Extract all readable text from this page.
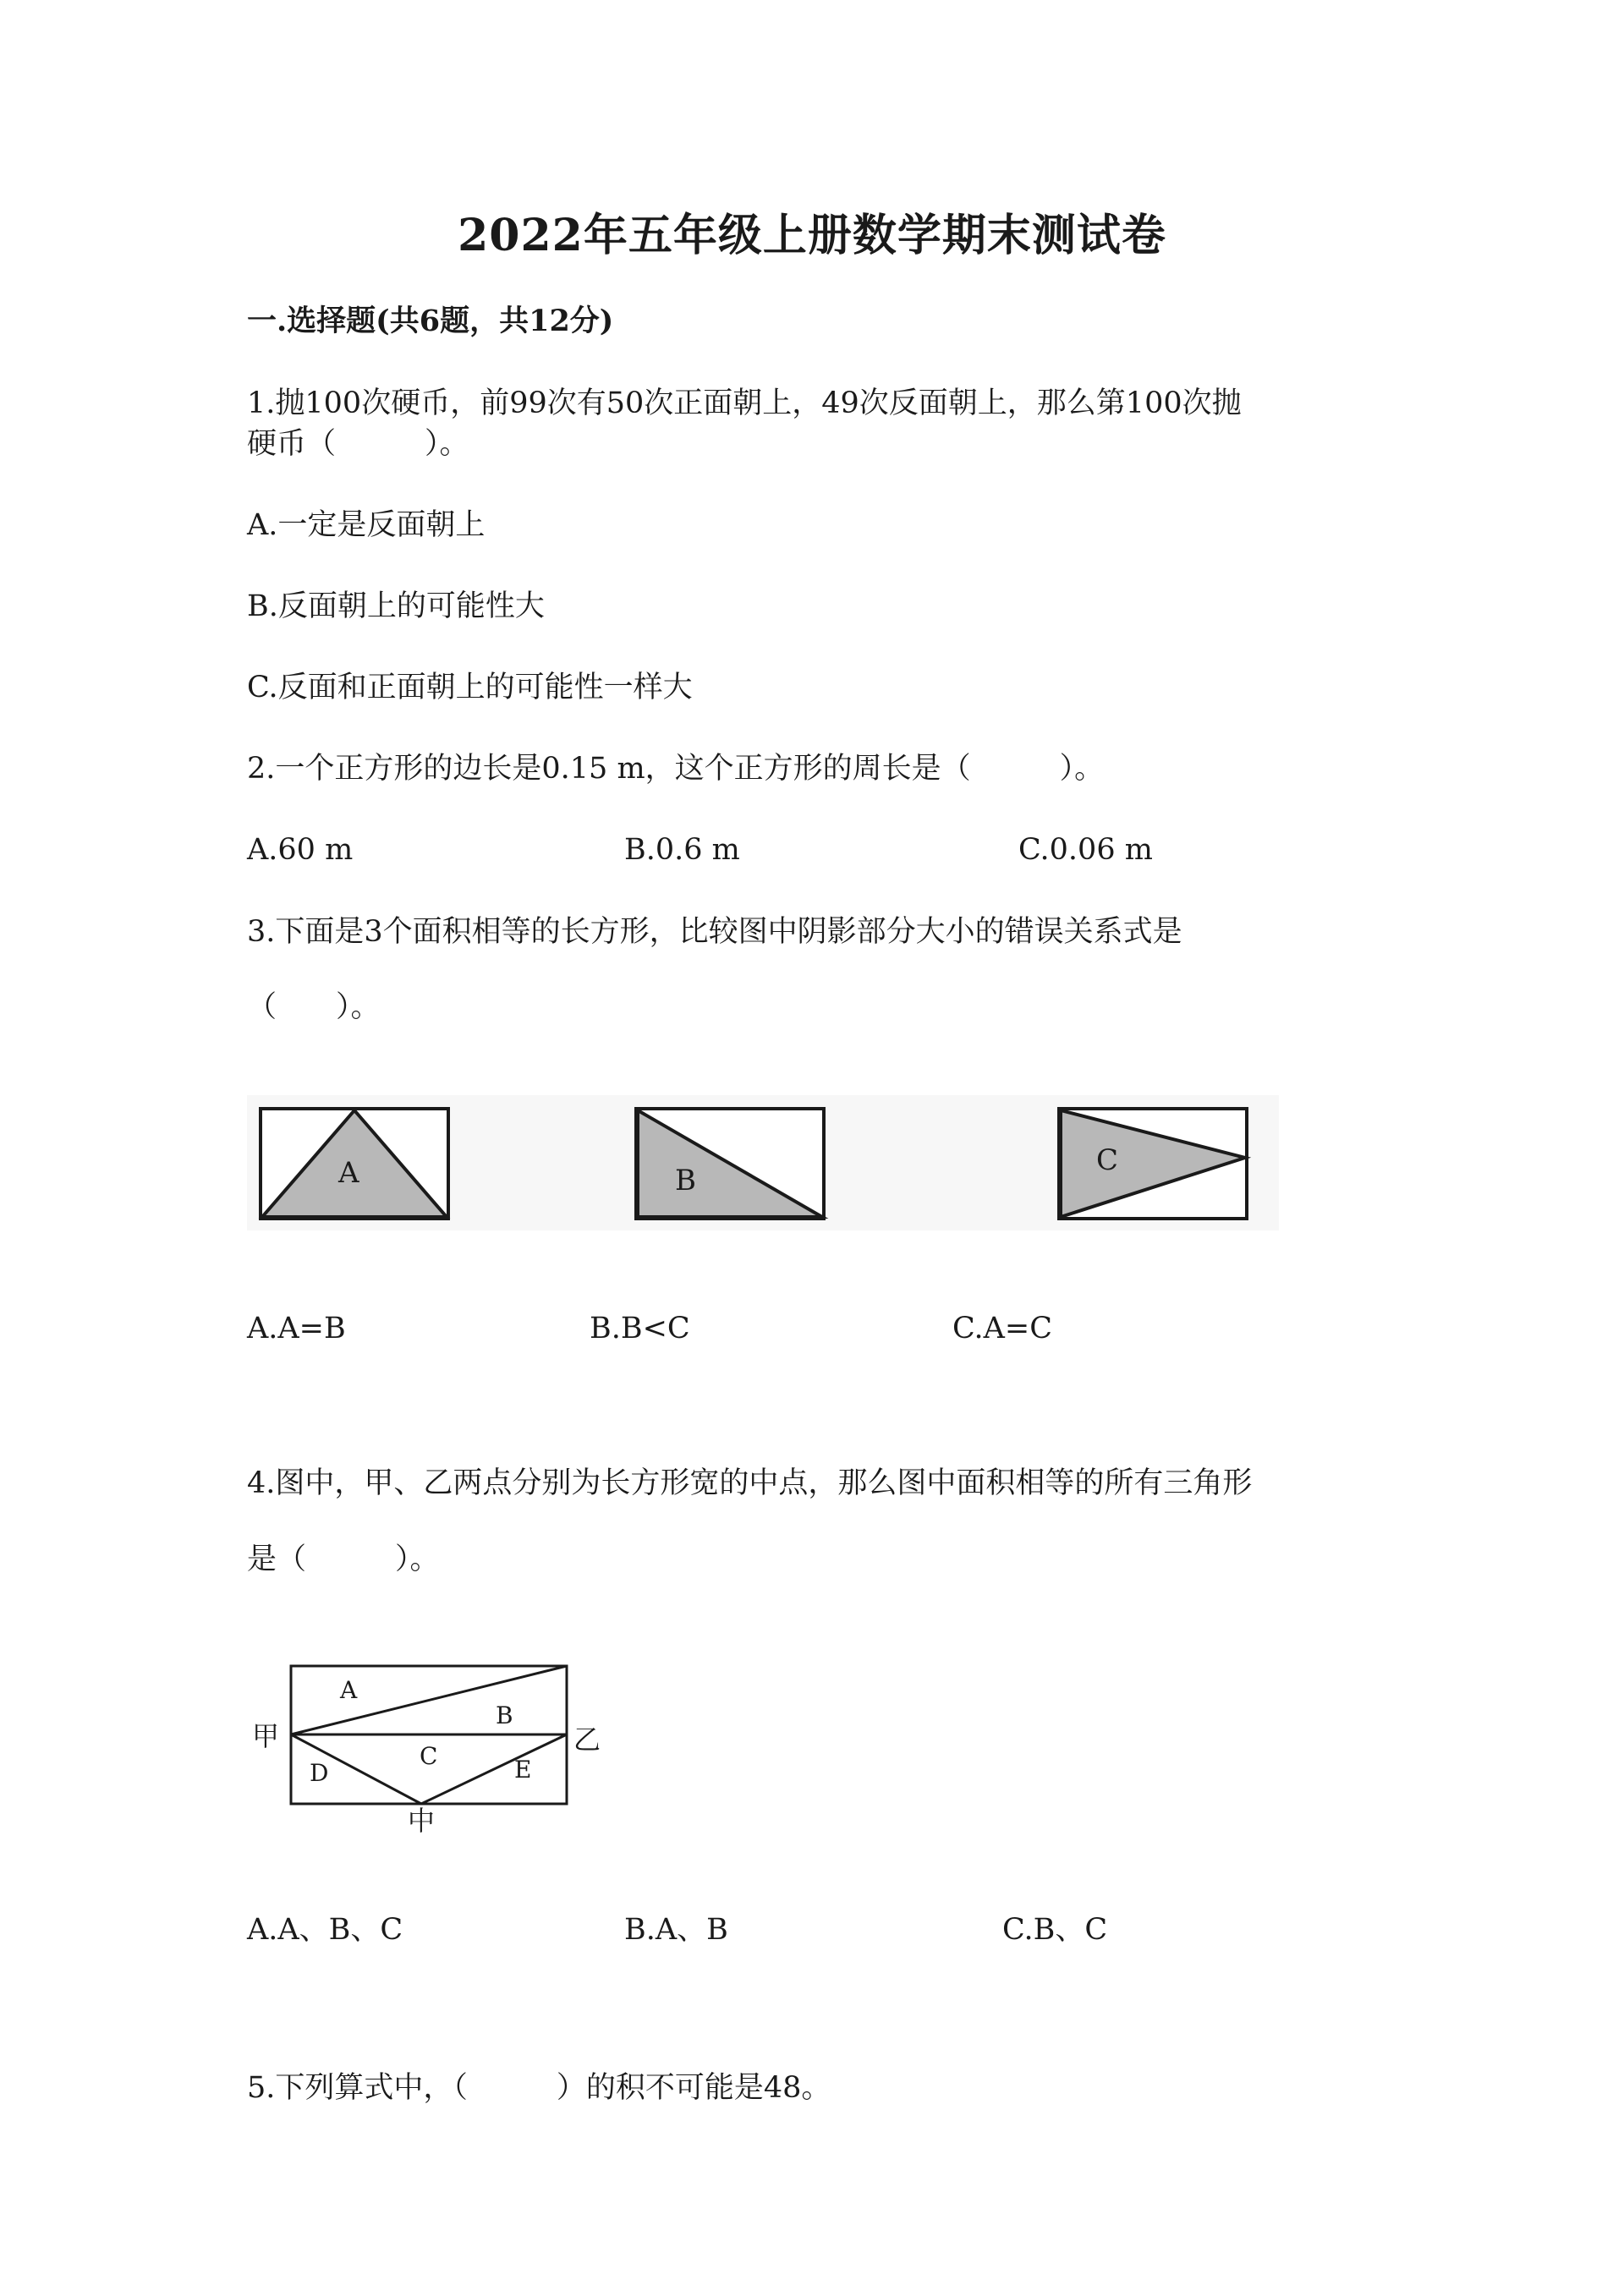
2022年五年级上册数学期末测试卷
一.选择题(共6题，共12分)
1.抛100次硬币，前99次有50次正面朝上，49次反面朝上，那么第100次抛
硬币（　　　）。
A.一定是反面朝上
B.反面朝上的可能性大
C.反面和正面朝上的可能性一样大
2.一个正方形的边长是0.15 m，这个正方形的周长是（　　　）。
A.60 m	B.0.6 m	C.0.06 m
3.下面是3个面积相等的长方形，比较图中阴影部分大小的错误关系式是
（　　）。
A	B
C
A.A=B	B.B<C	C.A=C
4.图中，甲、乙两点分别为长方形宽的中点，那么图中面积相等的所有三角形
是（　　　）。
A
B
C
D	E
甲	乙
中
A.A、B、C	B.A、B	C.B、C
5.下列算式中，（　　　）的积不可能是48。
